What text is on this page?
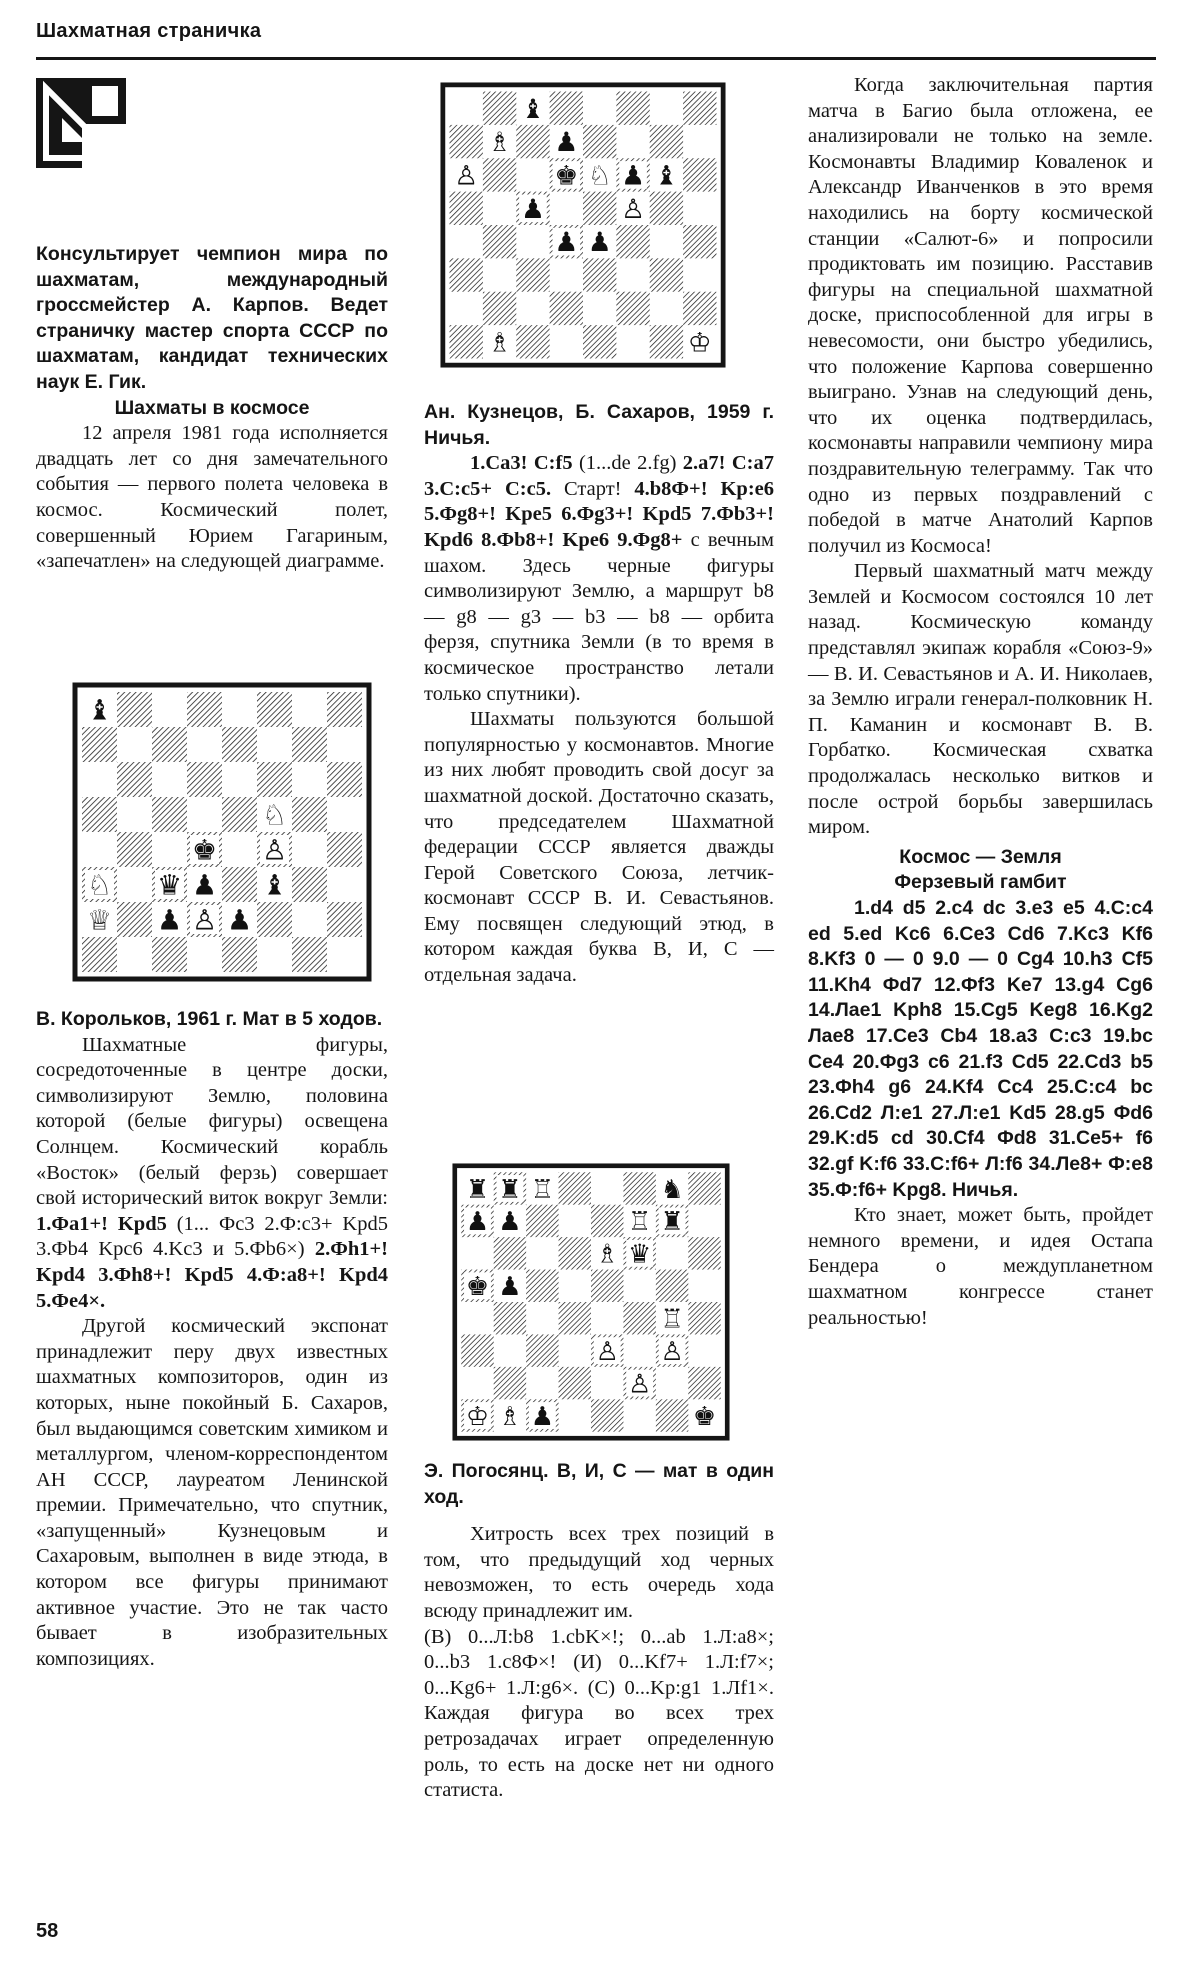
Шахматная страничка

Консультирует чемпион мира по шахматам, международный гроссмейстер А. Карпов. Ведет страничку мастер спорта СССР по шахматам, кандидат технических наук Е. Гик.

Шахматы в космосе

12 апреля 1981 года исполняется двадцать лет со дня замечательного события — первого полета человека в космос. Космический полет, совершенный Юрием Гагариным, «запечатлен» на следующей диаграмме.

♘
♕
♙
♙
♘
♝
♛ ♟
♚
♝
♟
♟

В. Корольков, 1961 г. Мат в 5 ходов.

Шахматные фигуры, сосредоточенные в центре доски, символизируют Землю, половина которой (белые фигуры) освещена Солнцем. Космический корабль «Восток» (белый ферзь) совершает свой исторический виток вокруг Земли: 1.Фа1+! Kpd5 (1... Фс3 2.Ф:с3+ Kpd5 3.Фb4 Kpc6 4.Kc3 и 5.Фb6×) 2.Фh1+! Kpd4 3.Фh8+! Kpd5 4.Ф:а8+! Kpd4 5.Фе4×.

Другой космический экспонат принадлежит перу двух известных шахматных композиторов, один из которых, ныне покойный Б. Сахаров, был выдающимся советским химиком и металлургом, членом-корреспондентом АН СССР, лауреатом Ленинской премии. Примечательно, что спутник, «запущенный» Кузнецовым и Сахаровым, выполнен в виде этюда, в котором все фигуры принимают активное участие. Это не так часто бывает в изобразительных композициях.

♗
♙	♘
♙
♗	♔
♝
♟
♚ ♟ ♝
♟
♟ ♟

Ан. Кузнецов, Б. Сахаров, 1959 г. Ничья.

1.Са3! С:f5 (1...de 2.fg) 2.a7! С:a7 3.С:c5+ С:c5. Старт! 4.b8Ф+! Kp:e6 5.Фg8+! Kpe5 6.Фg3+! Kpd5 7.Фb3+! Kpd6 8.Фb8+! Kpe6 9.Фg8+ с вечным шахом. Здесь черные фигуры символизируют Землю, а маршрут b8 — g8 — g3 — b3 — b8 — орбита ферзя, спутника Земли (в то время в космическое пространство летали только спутники).

Шахматы пользуются большой популярностью у космонавтов. Многие из них любят проводить свой досуг за шахматной доской. Достаточно сказать, что председателем Шахматной федерации СССР является дважды Герой Советского Союза, летчик-космонавт СССР В. И. Севастьянов. Ему посвящен следующий этюд, в котором каждая буква В, И, С — отдельная задача.

♖
♔ ♗
♖
♗
♖
♙
♙
♙
♜ ♜
♟ ♟
♚ ♟
♟
♞
♛
♜
♚

Э. Погосянц. В, И, С — мат в один ход.

Хитрость всех трех позиций в том, что предыдущий ход черных невозможен, то есть очередь хода всюду принадлежит им.

(В) 0...Л:b8 1.cbK×!; 0...ab 1.Л:a8×; 0...b3 1.c8Ф×! (И) 0...Kf7+ 1.Л:f7×; 0...Kg6+ 1.Л:g6×. (С) 0...Kp:g1 1.Лf1×. Каждая фигура во всех трех ретрозадачах играет определенную роль, то есть на доске нет ни одного статиста.

Когда заключительная партия матча в Багио была отложена, ее анализировали не только на земле. Космонавты Владимир Коваленок и Александр Иванченков в это время находились на борту космической станции «Салют-6» и попросили продиктовать им позицию. Расставив фигуры на специальной шахматной доске, приспособленной для игры в невесомости, они быстро убедились, что положение Карпова совершенно выиграно. Узнав на следующий день, что их оценка подтвердилась, космонавты направили чемпиону мира поздравительную телеграмму. Так что одно из первых поздравлений с победой в матче Анатолий Карпов получил из Космоса!

Первый шахматный матч между Землей и Космосом состоялся 10 лет назад. Космическую команду представлял экипаж корабля «Союз-9» — В. И. Севастьянов и А. И. Николаев, за Землю играли генерал-полковник Н. П. Каманин и космонавт В. В. Горбатко. Космическая схватка продолжалась несколько витков и после острой борьбы завершилась миром.

Космос — Земля

Ферзевый гамбит

1.d4 d5 2.c4 dc 3.e3 e5 4.C:c4 ed 5.ed Kc6 6.Ce3 Cd6 7.Kc3 Kf6 8.Kf3 0 — 0 9.0 — 0 Cg4 10.h3 Cf5 11.Kh4 Фd7 12.Фf3 Ke7 13.g4 Cg6 14.Лae1 Kph8 15.Cg5 Keg8 16.Kg2 Лae8 17.Ce3 Cb4 18.a3 C:c3 19.bc Ce4 20.Фg3 c6 21.f3 Cd5 22.Cd3 b5 23.Фh4 g6 24.Kf4 Cc4 25.C:c4 bc 26.Cd2 Л:e1 27.Л:e1 Kd5 28.g5 Фd6 29.K:d5 cd 30.Cf4 Фd8 31.Ce5+ f6 32.gf K:f6 33.C:f6+ Л:f6 34.Лe8+ Ф:e8 35.Ф:f6+ Kpg8. Ничья.

Кто знает, может быть, пройдет немного времени, и идея Остапа Бендера о междупланетном шахматном конгрессе станет реальностью!

58
